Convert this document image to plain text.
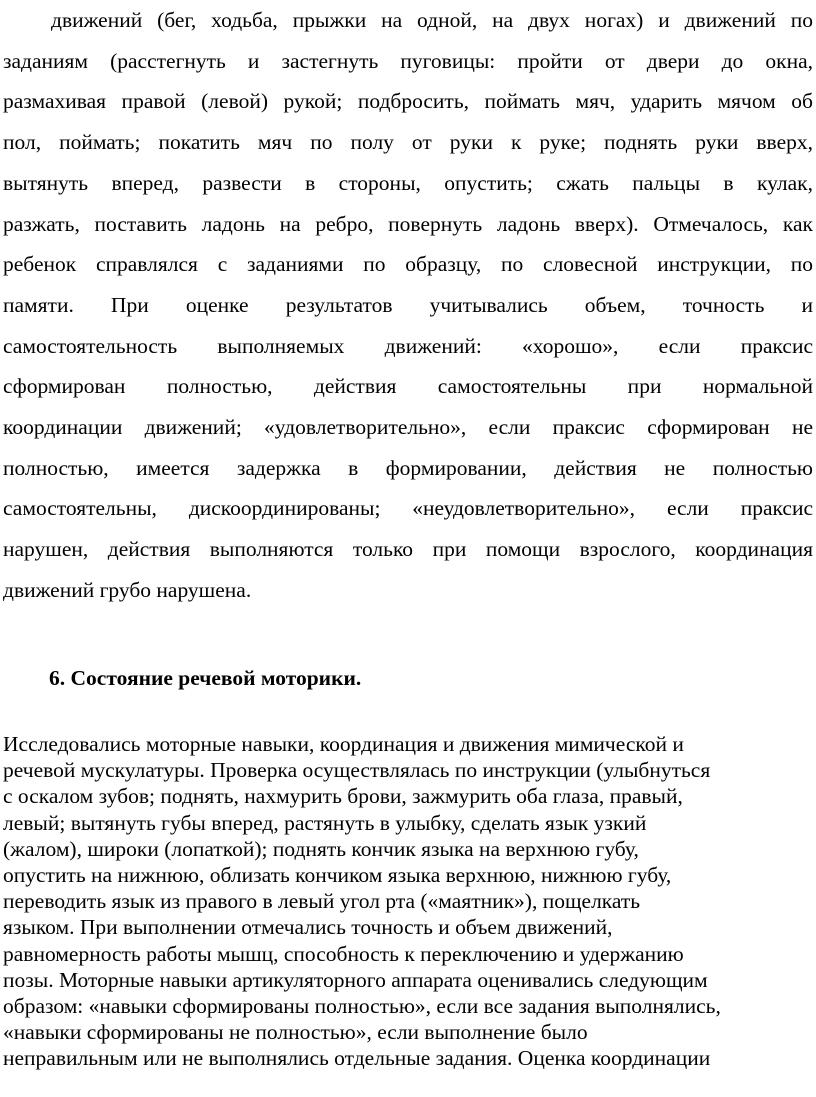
движений (бег, ходьба, прыжки на одной, на двух ногах) и движений по
заданиям (расстегнуть и застегнуть пуговицы: пройти от двери до окна,
размахивая правой (левой) рукой; подбросить, поймать мяч, ударить мячом об
пол, поймать; покатить мяч по полу от руки к руке; поднять руки вверх,
вытянуть вперед, развести в стороны, опустить; сжать пальцы в кулак,
разжать, поставить ладонь на ребро, повернуть ладонь вверх). Отмечалось, как
ребенок справлялся с заданиями по образцу, по словесной инструкции, по
памяти. При оценке результатов учитывались объем, точность и
самостоятельность выполняемых движений: «хорошо», если праксис
сформирован полностью, действия самостоятельны при нормальной
координации движений; «удовлетворительно», если праксис сформирован не
полностью, имеется задержка в формировании, действия не полностью
самостоятельны, дискоординированы; «неудовлетворительно», если праксис
нарушен, действия выполняются только при помощи взрослого, координация
движений грубо нарушена.
6. Состояние речевой моторики.
Исследовались моторные навыки, координация и движения мимической и
речевой мускулатуры. Проверка осуществлялась по инструкции (улыбнуться
с оскалом зубов; поднять, нахмурить брови, зажмурить оба глаза, правый,
левый; вытянуть губы вперед, растянуть в улыбку, сделать язык узкий
(жалом), широки (лопаткой); поднять кончик языка на верхнюю губу,
опустить на нижнюю, облизать кончиком языка верхнюю, нижнюю губу,
переводить язык из правого в левый угол рта («маятник»), пощелкать
языком. При выполнении отмечались точность и объем движений,
равномерность работы мышц, способность к переключению и удержанию
позы. Моторные навыки артикуляторного аппарата оценивались следующим
образом: «навыки сформированы полностью», если все задания выполнялись,
«навыки сформированы не полностью», если выполнение было
неправильным или не выполнялись отдельные задания. Оценка координации
